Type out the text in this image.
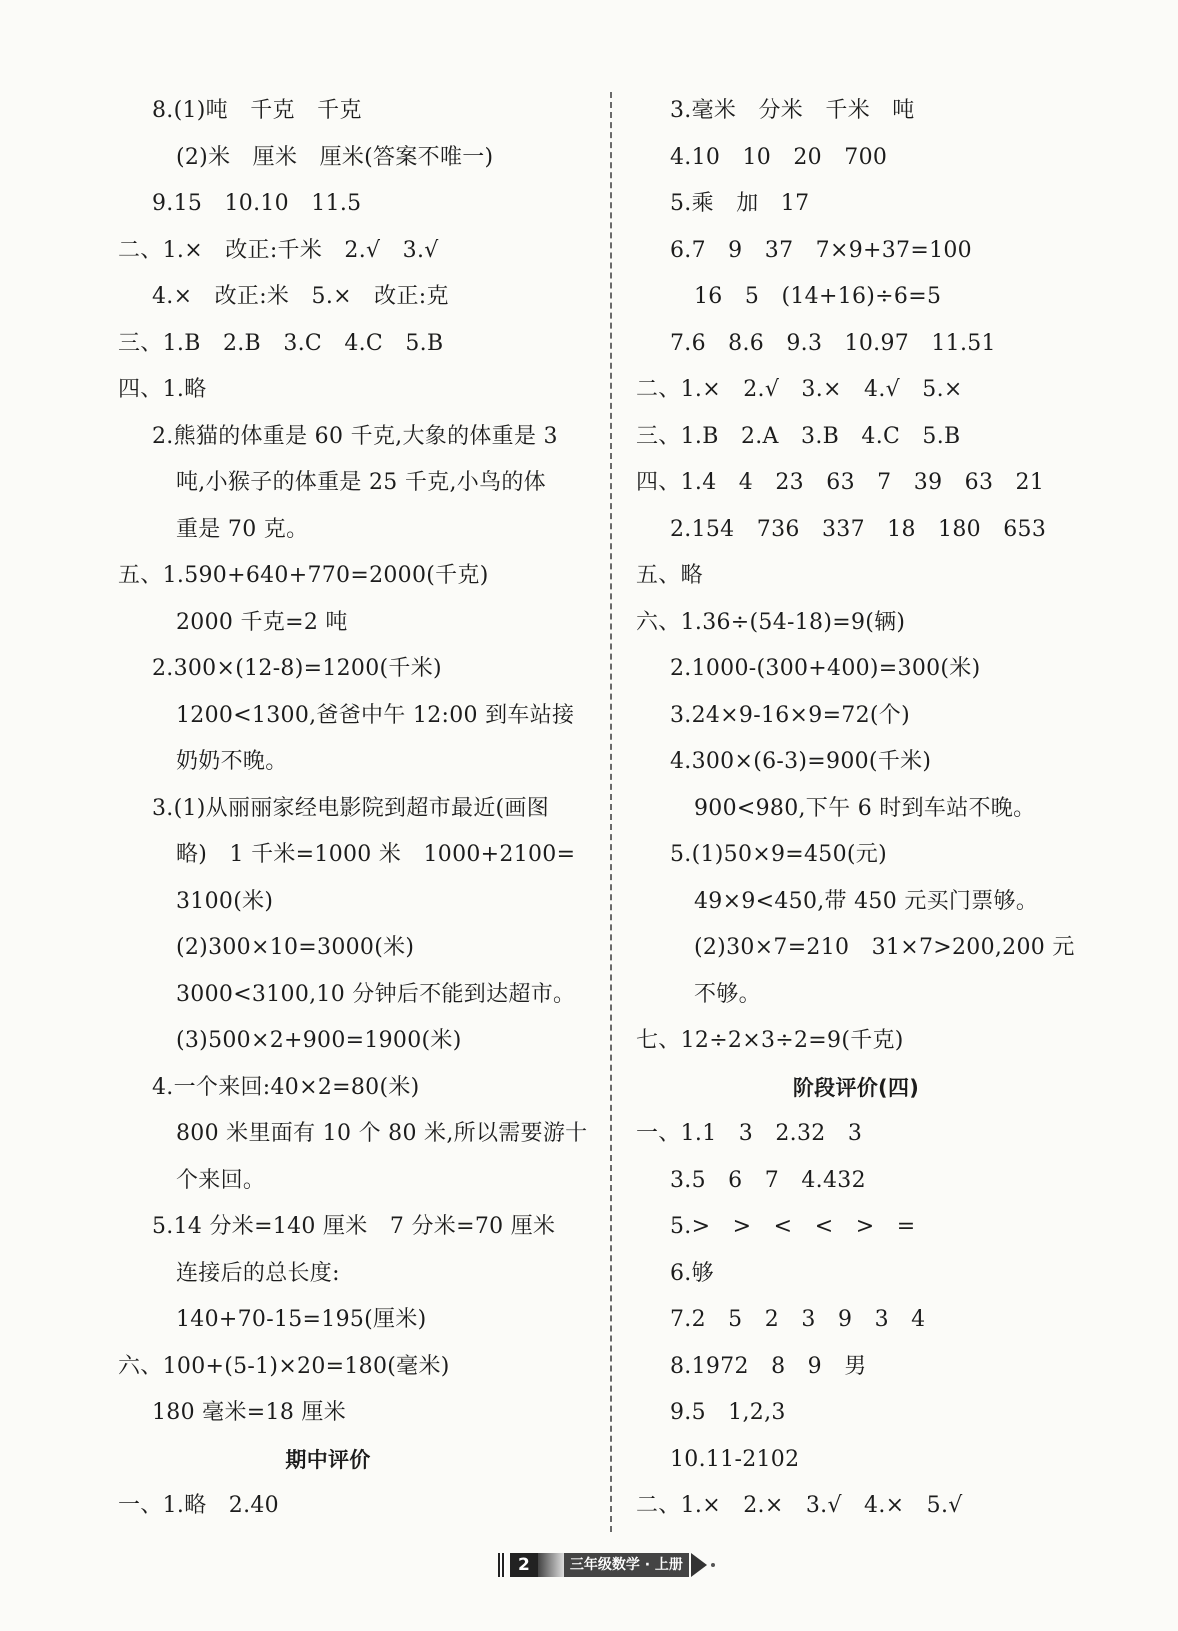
8.(1)吨　千克　千克
(2)米　厘米　厘米(答案不唯一)
9.15　10.10　11.5
二、1.×　改正:千米　2.√　3.√
4.×　改正:米　5.×　改正:克
三、1.B　2.B　3.C　4.C　5.B
四、1.略
2.熊猫的体重是 60 千克,大象的体重是 3
吨,小猴子的体重是 25 千克,小鸟的体
重是 70 克。
五、1.590+640+770=2000(千克)
2000 千克=2 吨
2.300×(12-8)=1200(千米)
1200<1300,爸爸中午 12:00 到车站接
奶奶不晚。
3.(1)从丽丽家经电影院到超市最近(画图
略)　1 千米=1000 米　1000+2100=
3100(米)
(2)300×10=3000(米)
3000<3100,10 分钟后不能到达超市。
(3)500×2+900=1900(米)
4.一个来回:40×2=80(米)
800 米里面有 10 个 80 米,所以需要游十
个来回。
5.14 分米=140 厘米　7 分米=70 厘米
连接后的总长度:
140+70-15=195(厘米)
六、100+(5-1)×20=180(毫米)
180 毫米=18 厘米
期中评价
一、1.略　2.40
3.毫米　分米　千米　吨
4.10　10　20　700
5.乘　加　17
6.7　9　37　7×9+37=100
16　5　(14+16)÷6=5
7.6　8.6　9.3　10.97　11.51
二、1.×　2.√　3.×　4.√　5.×
三、1.B　2.A　3.B　4.C　5.B
四、1.4　4　23　63　7　39　63　21
2.154　736　337　18　180　653
五、略
六、1.36÷(54-18)=9(辆)
2.1000-(300+400)=300(米)
3.24×9-16×9=72(个)
4.300×(6-3)=900(千米)
900<980,下午 6 时到车站不晚。
5.(1)50×9=450(元)
49×9<450,带 450 元买门票够。
(2)30×7=210　31×7>200,200 元
不够。
七、12÷2×3÷2=9(千克)
阶段评价(四)
一、1.1　3　2.32　3
3.5　6　7　4.432
5.>　>　<　<　>　=
6.够
7.2　5　2　3　9　3　4
8.1972　8　9　男
9.5　1,2,3
10.11-2102
二、1.×　2.×　3.√　4.×　5.√
2	三年级数学 · 上册
